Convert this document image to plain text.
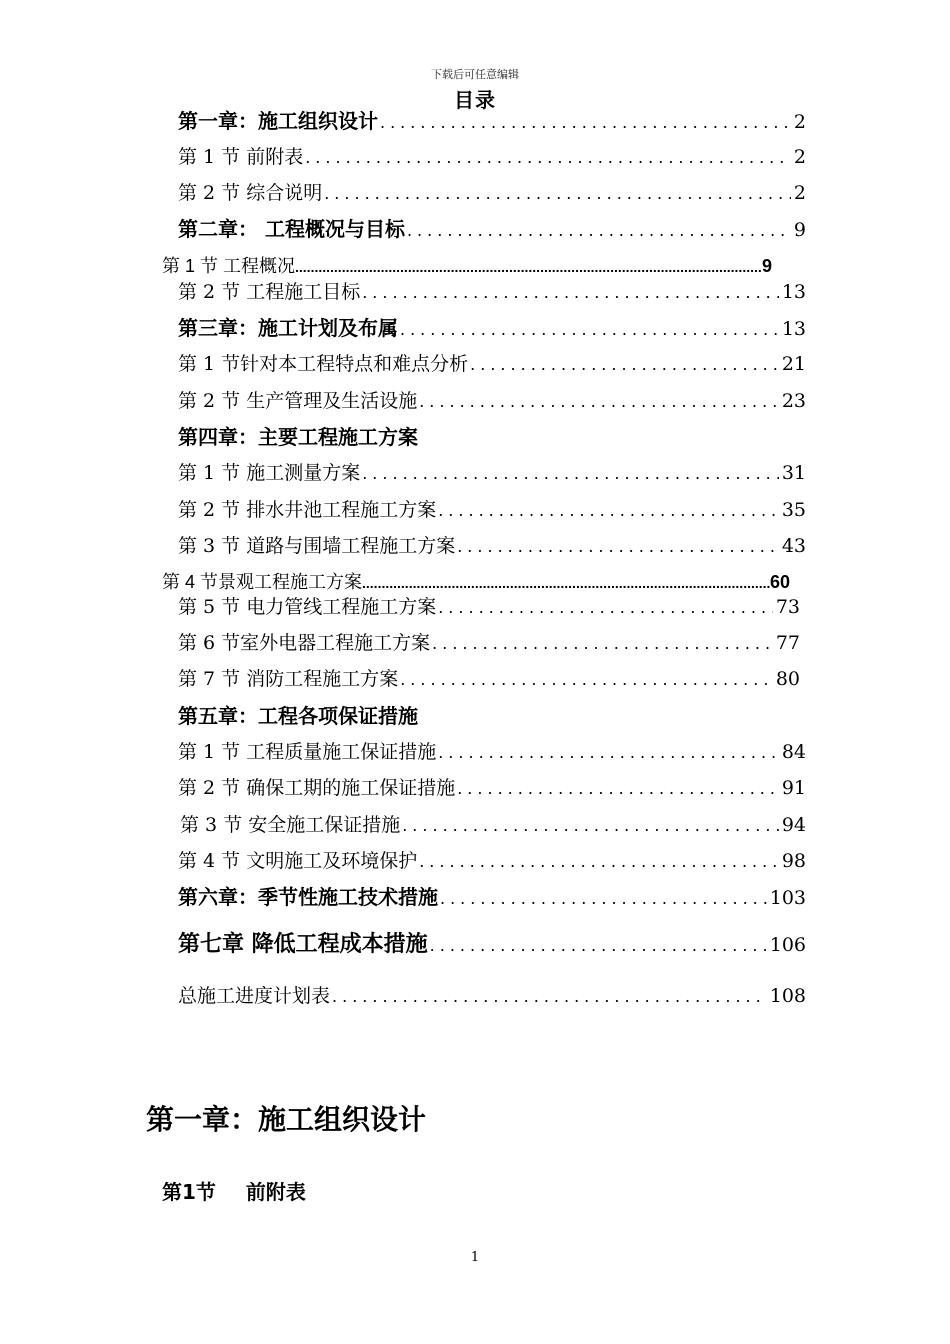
下载后可任意编辑
目录
第一章：施工组织设计 .....	2
第 1 节 前附表 .....	2
第 2 节 综合说明 .....	2
第二章： 工程概况与目标 .....	9
第 1 节 工程概况 .....	9
第 2 节 工程施工目标 .....	13
第三章：施工计划及布属 .....	13
第 1 节针对本工程特点和难点分析 .....	21
第 2 节 生产管理及生活设施 .....	23
第四章：主要工程施工方案
第 1 节 施工测量方案 .....	31
第 2 节 排水井池工程施工方案 .....	35
第 3 节 道路与围墙工程施工方案 .....	43
第 4 节景观工程施工方案 .....	60
第 5 节 电力管线工程施工方案 .....	73
第 6 节室外电器工程施工方案 .....	77
第 7 节 消防工程施工方案 .....	80
第五章：工程各项保证措施
第 1 节 工程质量施工保证措施 .....	84
第 2 节 确保工期的施工保证措施 .....	91
第 3 节 安全施工保证措施 .....	94
第 4 节 文明施工及环境保护 .....	98
第六章：季节性施工技术措施 .....	103
第七章 降低工程成本措施 .....	106
总施工进度计划表 .....	108
第一章：施工组织设计
第1节 前附表
1
